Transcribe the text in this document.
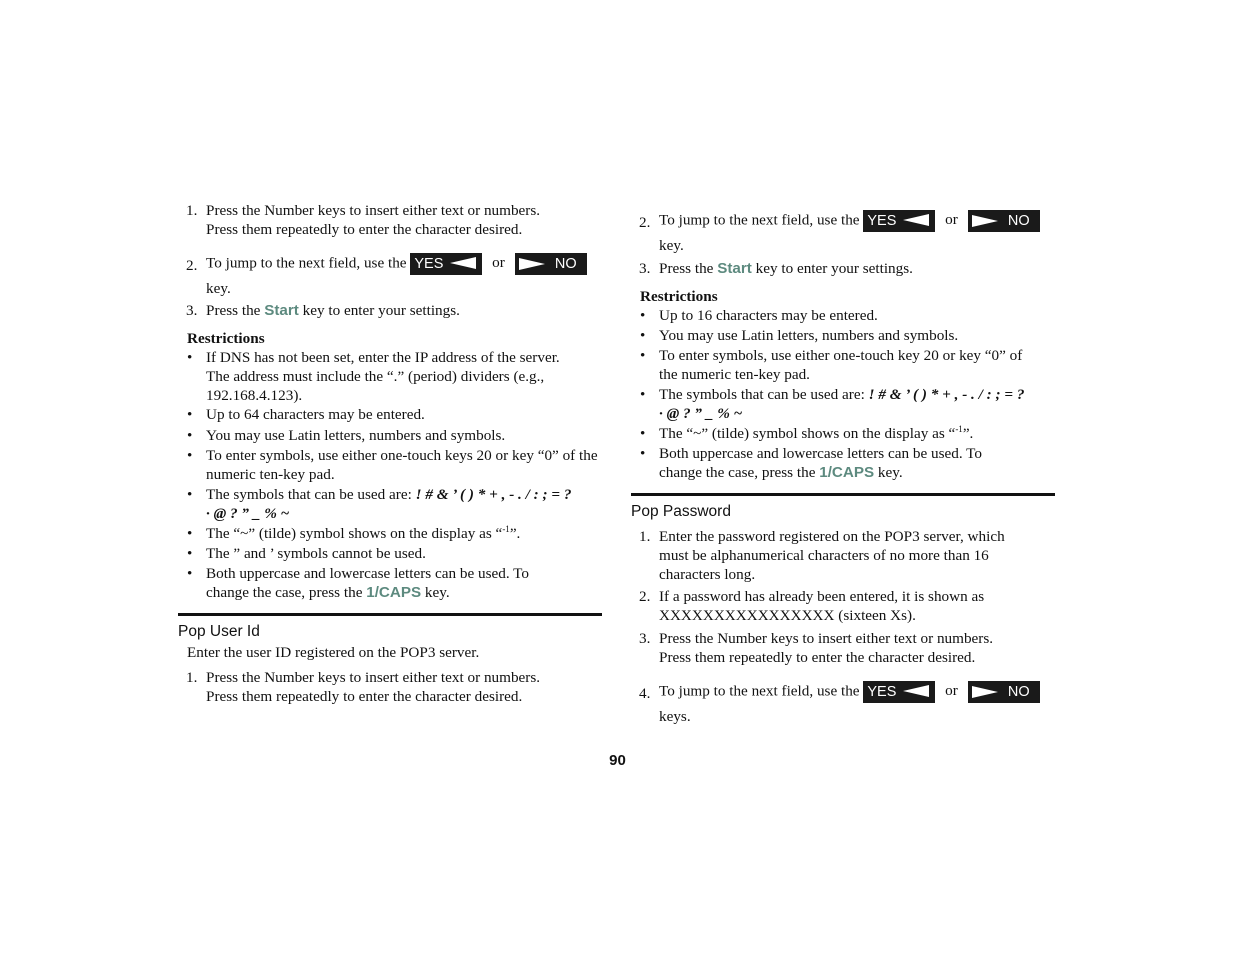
1. Press the Number keys to insert either text or numbers.
Press them repeatedly to enter the character desired.
2. To jump to the next field, use the YES	or	NO
key.
3. Press the Start key to enter your settings.
Restrictions
• If DNS has not been set, enter the IP address of the server.
The address must include the “.” (period) dividers (e.g.,
192.168.4.123).
• Up to 64 characters may be entered.
• You may use Latin letters, numbers and symbols.
• To enter symbols, use either one-touch keys 20 or key “0” of the
numeric ten-key pad.
• The symbols that can be used are: ! # & ’ ( ) * + , - . / : ; = ?
· @ ? ” _ % ~
• The “~” (tilde) symbol shows on the display as “$^{-1}$”.
• The ” and ’ symbols cannot be used.
• Both uppercase and lowercase letters can be used. To
change the case, press the 1/CAPS key.
Pop User Id
Enter the user ID registered on the POP3 server.
1. Press the Number keys to insert either text or numbers.
Press them repeatedly to enter the character desired.
2. To jump to the next field, use the YES	or	NO
key.
3. Press the Start key to enter your settings.
Restrictions
• Up to 16 characters may be entered.
• You may use Latin letters, numbers and symbols.
• To enter symbols, use either one-touch key 20 or key “0” of
the numeric ten-key pad.
• The symbols that can be used are: ! # & ’ ( ) * + , - . / : ; = ?
· @ ? ” _ % ~
• The “~” (tilde) symbol shows on the display as “$^{-1}$”.
• Both uppercase and lowercase letters can be used. To
change the case, press the 1/CAPS key.
Pop Password
1. Enter the password registered on the POP3 server, which
must be alphanumerical characters of no more than 16
characters long.
2. If a password has already been entered, it is shown as
XXXXXXXXXXXXXXXX (sixteen Xs).
3. Press the Number keys to insert either text or numbers.
Press them repeatedly to enter the character desired.
4. To jump to the next field, use the YES	or	NO
keys.
90
